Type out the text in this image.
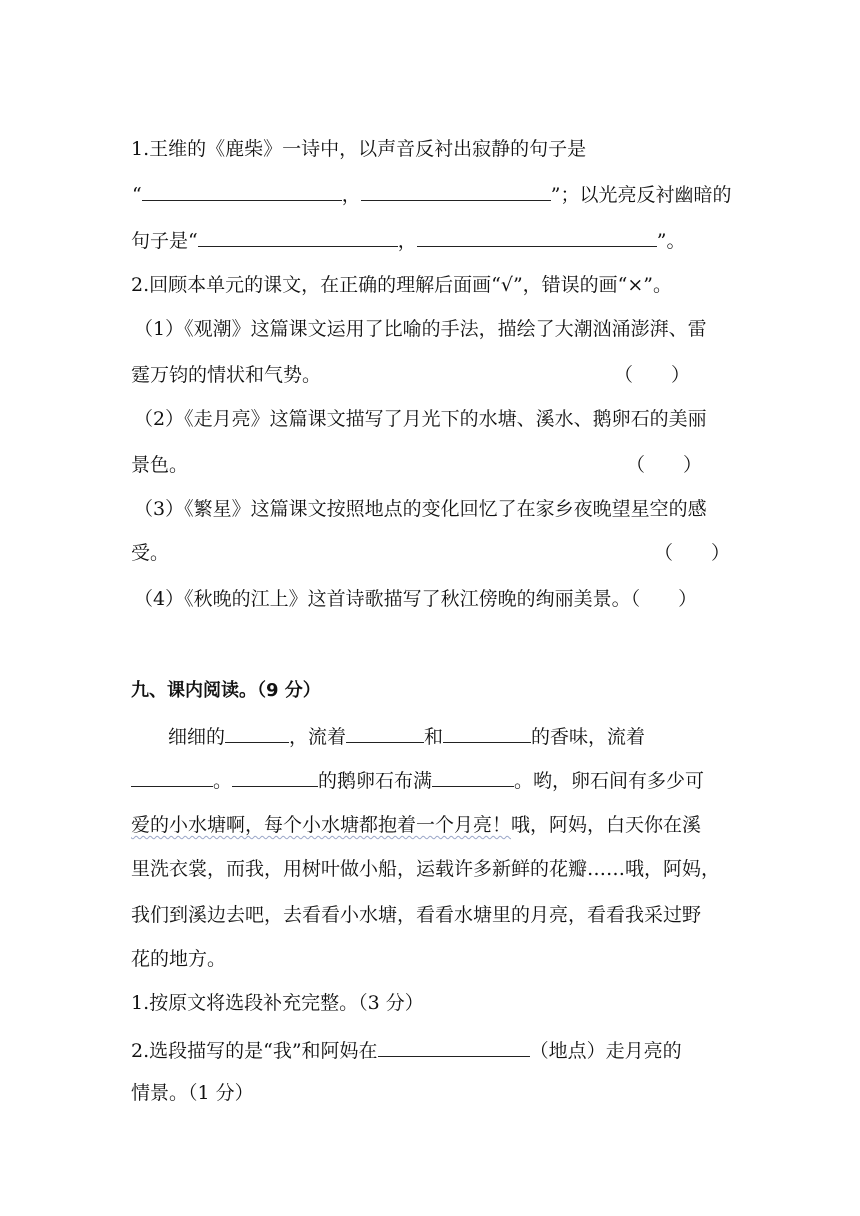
1.王维的《鹿柴》一诗中，以声音反衬出寂静的句子是
“	，	”；以光亮反衬幽暗的
句子是“	，	”。
2.回顾本单元的课文，在正确的理解后面画“√”，错误的画“×”。
（1）《观潮》这篇课文运用了比喻的手法，描绘了大潮汹涌澎湃、雷
霆万钧的情状和气势。	（　　）
（2）《走月亮》这篇课文描写了月光下的水塘、溪水、鹅卵石的美丽
景色。	（　　）
（3）《繁星》这篇课文按照地点的变化回忆了在家乡夜晚望星空的感
受。	（　　）
（4）《秋晚的江上》这首诗歌描写了秋江傍晚的绚丽美景。（　　）
九、课内阅读。（9 分）
细细的	，流着	和	的香味，流着
。	的鹅卵石布满	。哟，卵石间有多少可
爱的小水塘啊，每个小水塘都抱着一个月亮！哦，阿妈，白天你在溪
里洗衣裳，而我，用树叶做小船，运载许多新鲜的花瓣……哦，阿妈，
我们到溪边去吧，去看看小水塘，看看水塘里的月亮，看看我采过野
花的地方。
1.按原文将选段补充完整。（3 分）
2.选段描写的是“我”和阿妈在	（地点）走月亮的
情景。（1 分）
